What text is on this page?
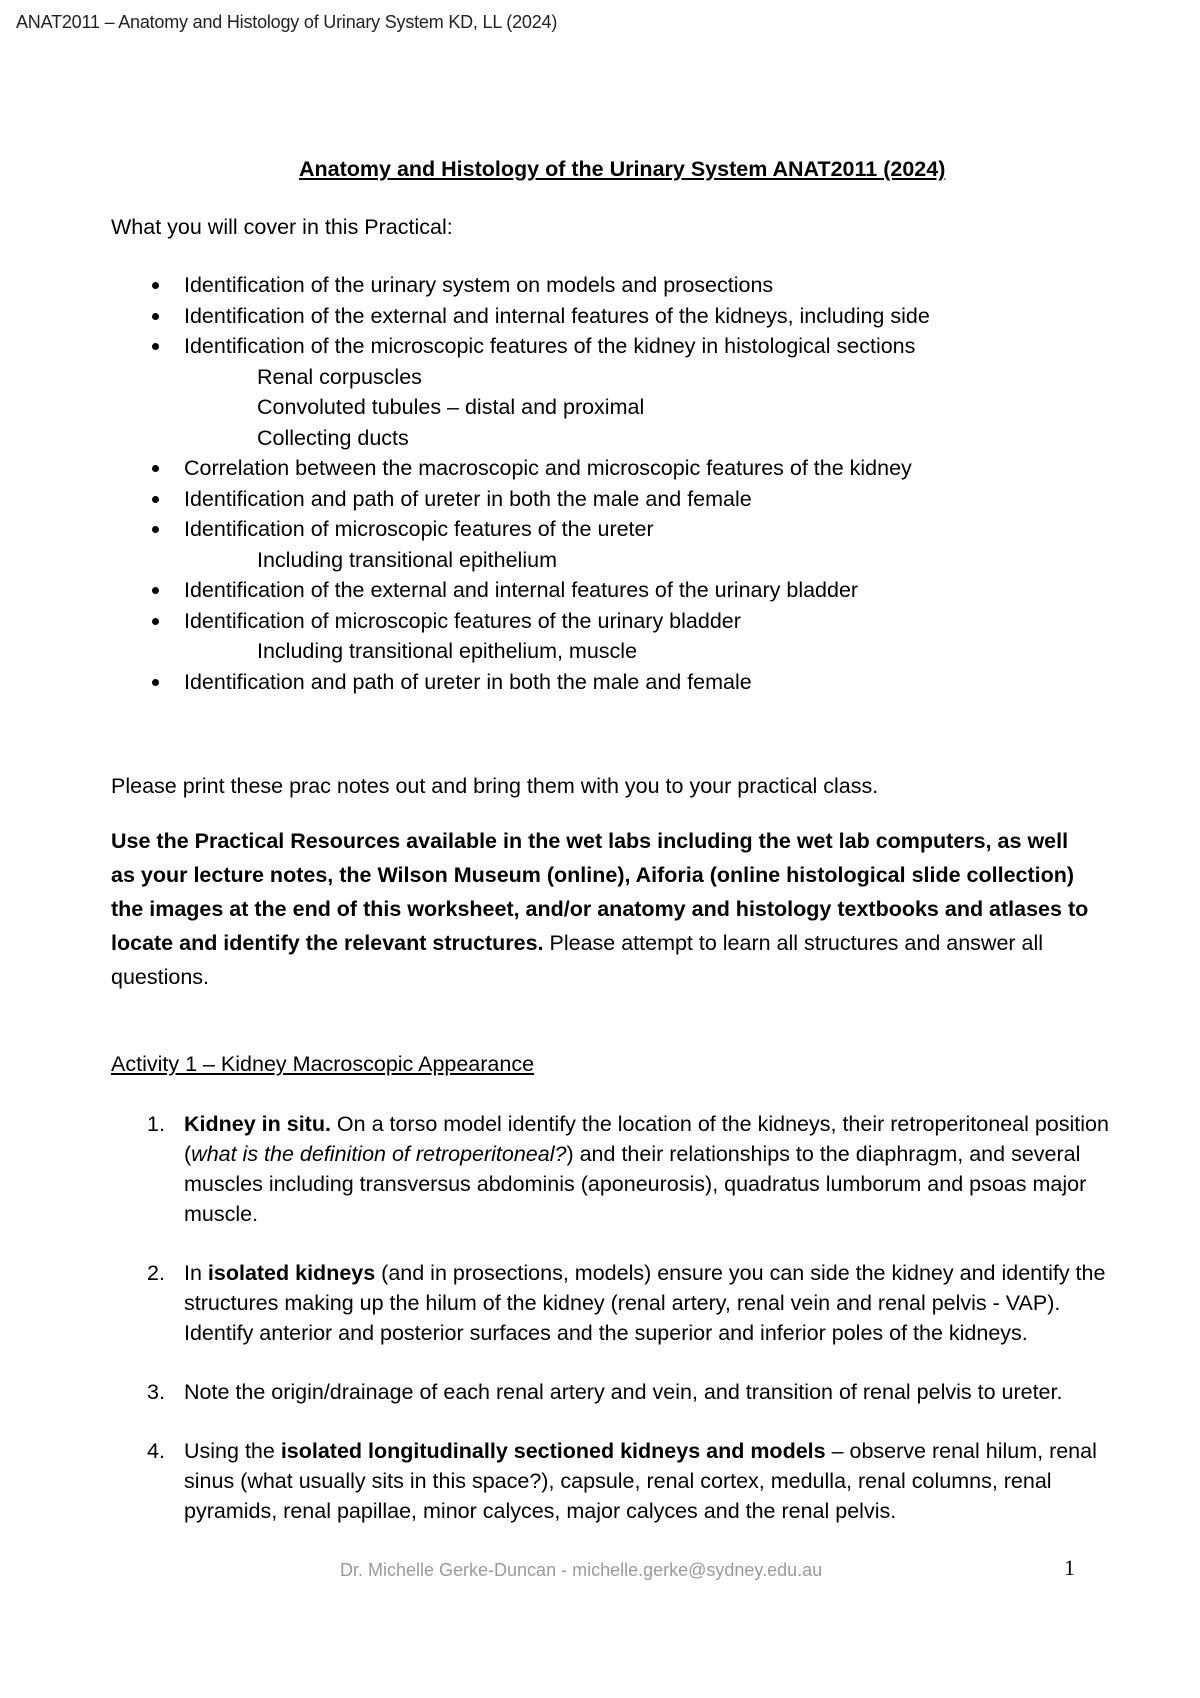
ANAT2011 – Anatomy and Histology of Urinary System KD, LL (2024)
Anatomy and Histology of the Urinary System ANAT2011 (2024)
What you will cover in this Practical:
Identification of the urinary system on models and prosections
Identification of the external and internal features of the kidneys, including side
Identification of the microscopic features of the kidney in histological sections
Renal corpuscles
Convoluted tubules – distal and proximal
Collecting ducts
Correlation between the macroscopic and microscopic features of the kidney
Identification and path of ureter in both the male and female
Identification of microscopic features of the ureter
Including transitional epithelium
Identification of the external and internal features of the urinary bladder
Identification of microscopic features of the urinary bladder
Including transitional epithelium, muscle
Identification and path of ureter in both the male and female
Please print these prac notes out and bring them with you to your practical class.
Use the Practical Resources available in the wet labs including the wet lab computers, as well as your lecture notes, the Wilson Museum (online), Aiforia (online histological slide collection) the images at the end of this worksheet, and/or anatomy and histology textbooks and atlases to locate and identify the relevant structures. Please attempt to learn all structures and answer all questions.
Activity 1 – Kidney Macroscopic Appearance
1. Kidney in situ. On a torso model identify the location of the kidneys, their retroperitoneal position (what is the definition of retroperitoneal?) and their relationships to the diaphragm, and several muscles including transversus abdominis (aponeurosis), quadratus lumborum and psoas major muscle.
2. In isolated kidneys (and in prosections, models) ensure you can side the kidney and identify the structures making up the hilum of the kidney (renal artery, renal vein and renal pelvis - VAP). Identify anterior and posterior surfaces and the superior and inferior poles of the kidneys.
3. Note the origin/drainage of each renal artery and vein, and transition of renal pelvis to ureter.
4. Using the isolated longitudinally sectioned kidneys and models – observe renal hilum, renal sinus (what usually sits in this space?), capsule, renal cortex, medulla, renal columns, renal pyramids, renal papillae, minor calyces, major calyces and the renal pelvis.
Dr. Michelle Gerke-Duncan - michelle.gerke@sydney.edu.au	1
